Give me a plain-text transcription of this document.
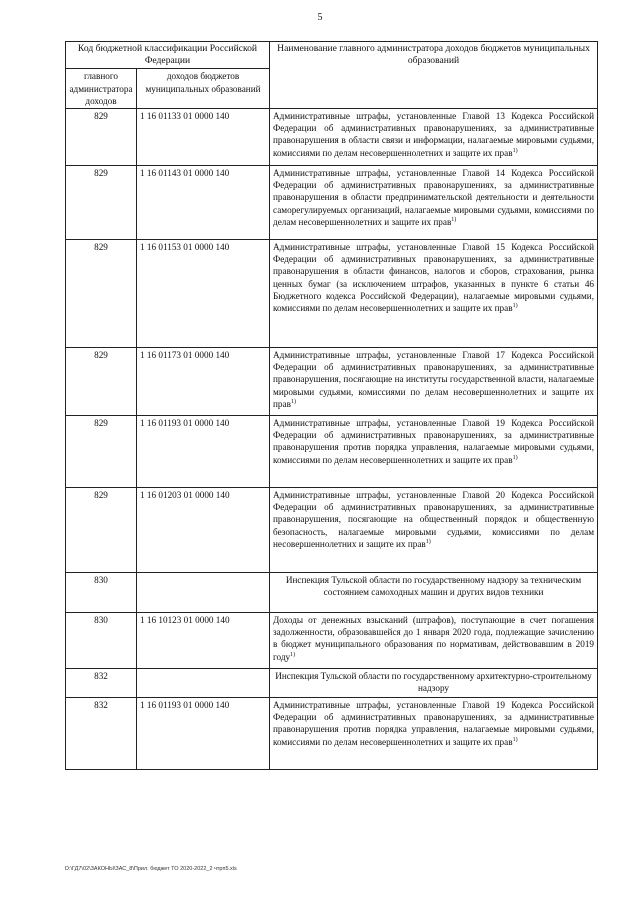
5
Код бюджетной классификации Российской Федерации		Наименование главного администратора доходов бюджетов муниципальных образований
главного администратора доходов	доходов бюджетов муниципальных образований	
829	1 16 01133 01 0000 140	Административные штрафы, установленные Главой 13 Кодекса Российской Федерации об административных правонарушениях, за административные правонарушения в области связи и информации, налагаемые мировыми судьями, комиссиями по делам несовершеннолетних и защите их прав$^{1)}$
829	1 16 01143 01 0000 140	Административные штрафы, установленные Главой 14 Кодекса Российской Федерации об административных правонарушениях, за административные правонарушения в области предпринимательской деятельности и деятельности саморегулируемых организаций, налагаемые мировыми судьями, комиссиями по делам несовершеннолетних и защите их прав$^{1)}$
829	1 16 01153 01 0000 140	Административные штрафы, установленные Главой 15 Кодекса Российской Федерации об административных правонарушениях, за административные правонарушения в области финансов, налогов и сборов, страхования, рынка ценных бумаг (за исключением штрафов, указанных в пункте 6 статьи 46 Бюджетного кодекса Российской Федерации), налагаемые мировыми судьями, комиссиями по делам несовершеннолетних и защите их прав$^{1)}$
829	1 16 01173 01 0000 140	Административные штрафы, установленные Главой 17 Кодекса Российской Федерации об административных правонарушениях, за административные правонарушения, посягающие на институты государственной власти, налагаемые мировыми судьями, комиссиями по делам несовершеннолетних и защите их прав$^{1)}$
829	1 16 01193 01 0000 140	Административные штрафы, установленные Главой 19 Кодекса Российской Федерации об административных правонарушениях, за административные правонарушения против порядка управления, налагаемые мировыми судьями, комиссиями по делам несовершеннолетних и защите их прав$^{1)}$
829	1 16 01203 01 0000 140	Административные штрафы, установленные Главой 20 Кодекса Российской Федерации об административных правонарушениях, за административные правонарушения, посягающие на общественный порядок и общественную безопасность, налагаемые мировыми судьями, комиссиями по делам несовершеннолетних и защите их прав$^{1)}$
830		Инспекция Тульской области по государственному надзору за техническим состоянием самоходных машин и других видов техники
830	1 16 10123 01 0000 140	Доходы от денежных взысканий (штрафов), поступающие в счет погашения задолженности, образовавшейся до 1 января 2020 года, подлежащие зачислению в бюджет муниципального образования по нормативам, действовавшим в 2019 году$^{1)}$
832		Инспекция Тульской области по государственному архитектурно-строительному надзору
832	1 16 01193 01 0000 140	Административные штрафы, установленные Главой 19 Кодекса Российской Федерации об административных правонарушениях, за административные правонарушения против порядка управления, налагаемые мировыми судьями, комиссиями по делам несовершеннолетних и защите их прав$^{1)}$
D:\ГД7\02\ЗАКОНЫ\ЗАС_8\Прил. бюджет ТО 2020-2022_2 чтрп5.xls
